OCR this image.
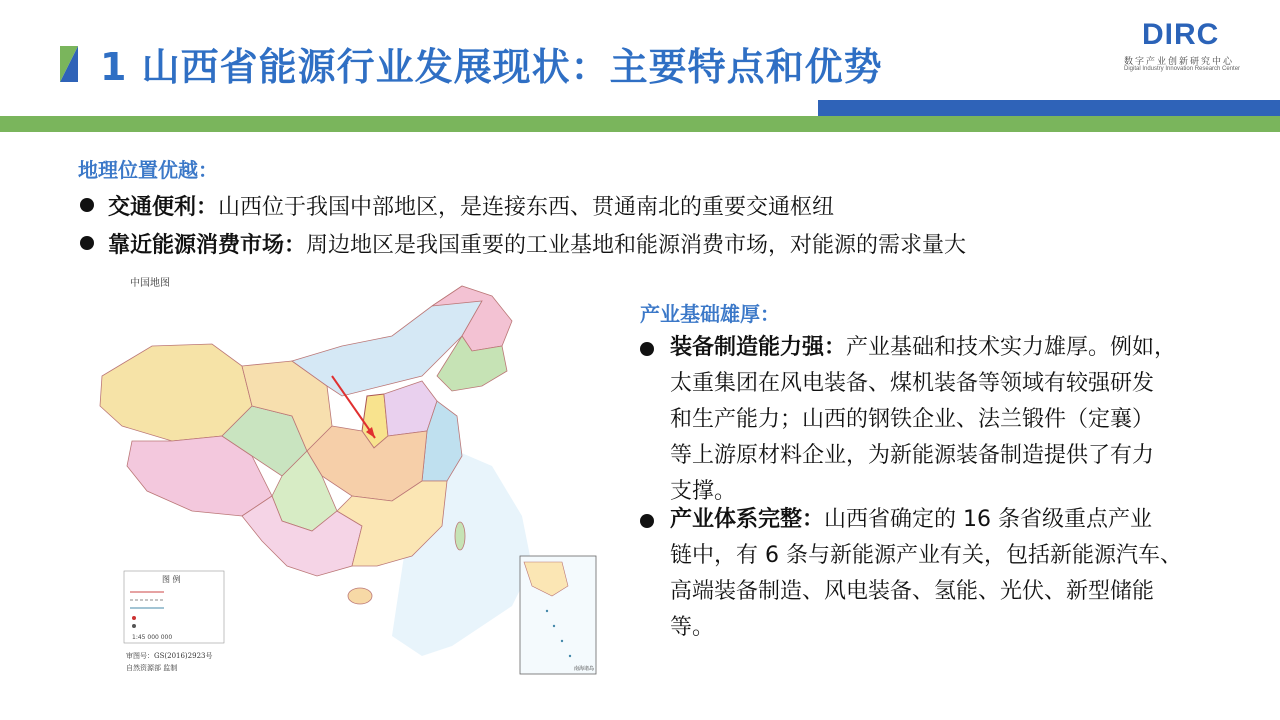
1 山西省能源行业发展现状：主要特点和优势
DIRC
数字产业创新研究中心
Digital Industry Innovation Research Center
地理位置优越：
交通便利：山西位于我国中部地区，是连接东西、贯通南北的重要交通枢纽
靠近能源消费市场：周边地区是我国重要的工业基地和能源消费市场，对能源的需求量大
中国地图
图 例
1:45 000 000
审图号：GS(2016)2923号
自然资源部 监制	南海诸岛
产业基础雄厚：
装备制造能力强：产业基础和技术实力雄厚。例如，
太重集团在风电装备、煤机装备等领域有较强研发
和生产能力；山西的钢铁企业、法兰锻件（定襄）
等上游原材料企业，为新能源装备制造提供了有力
支撑。
产业体系完整：山西省确定的 16 条省级重点产业
链中，有 6 条与新能源产业有关，包括新能源汽车、
高端装备制造、风电装备、氢能、光伏、新型储能
等。
